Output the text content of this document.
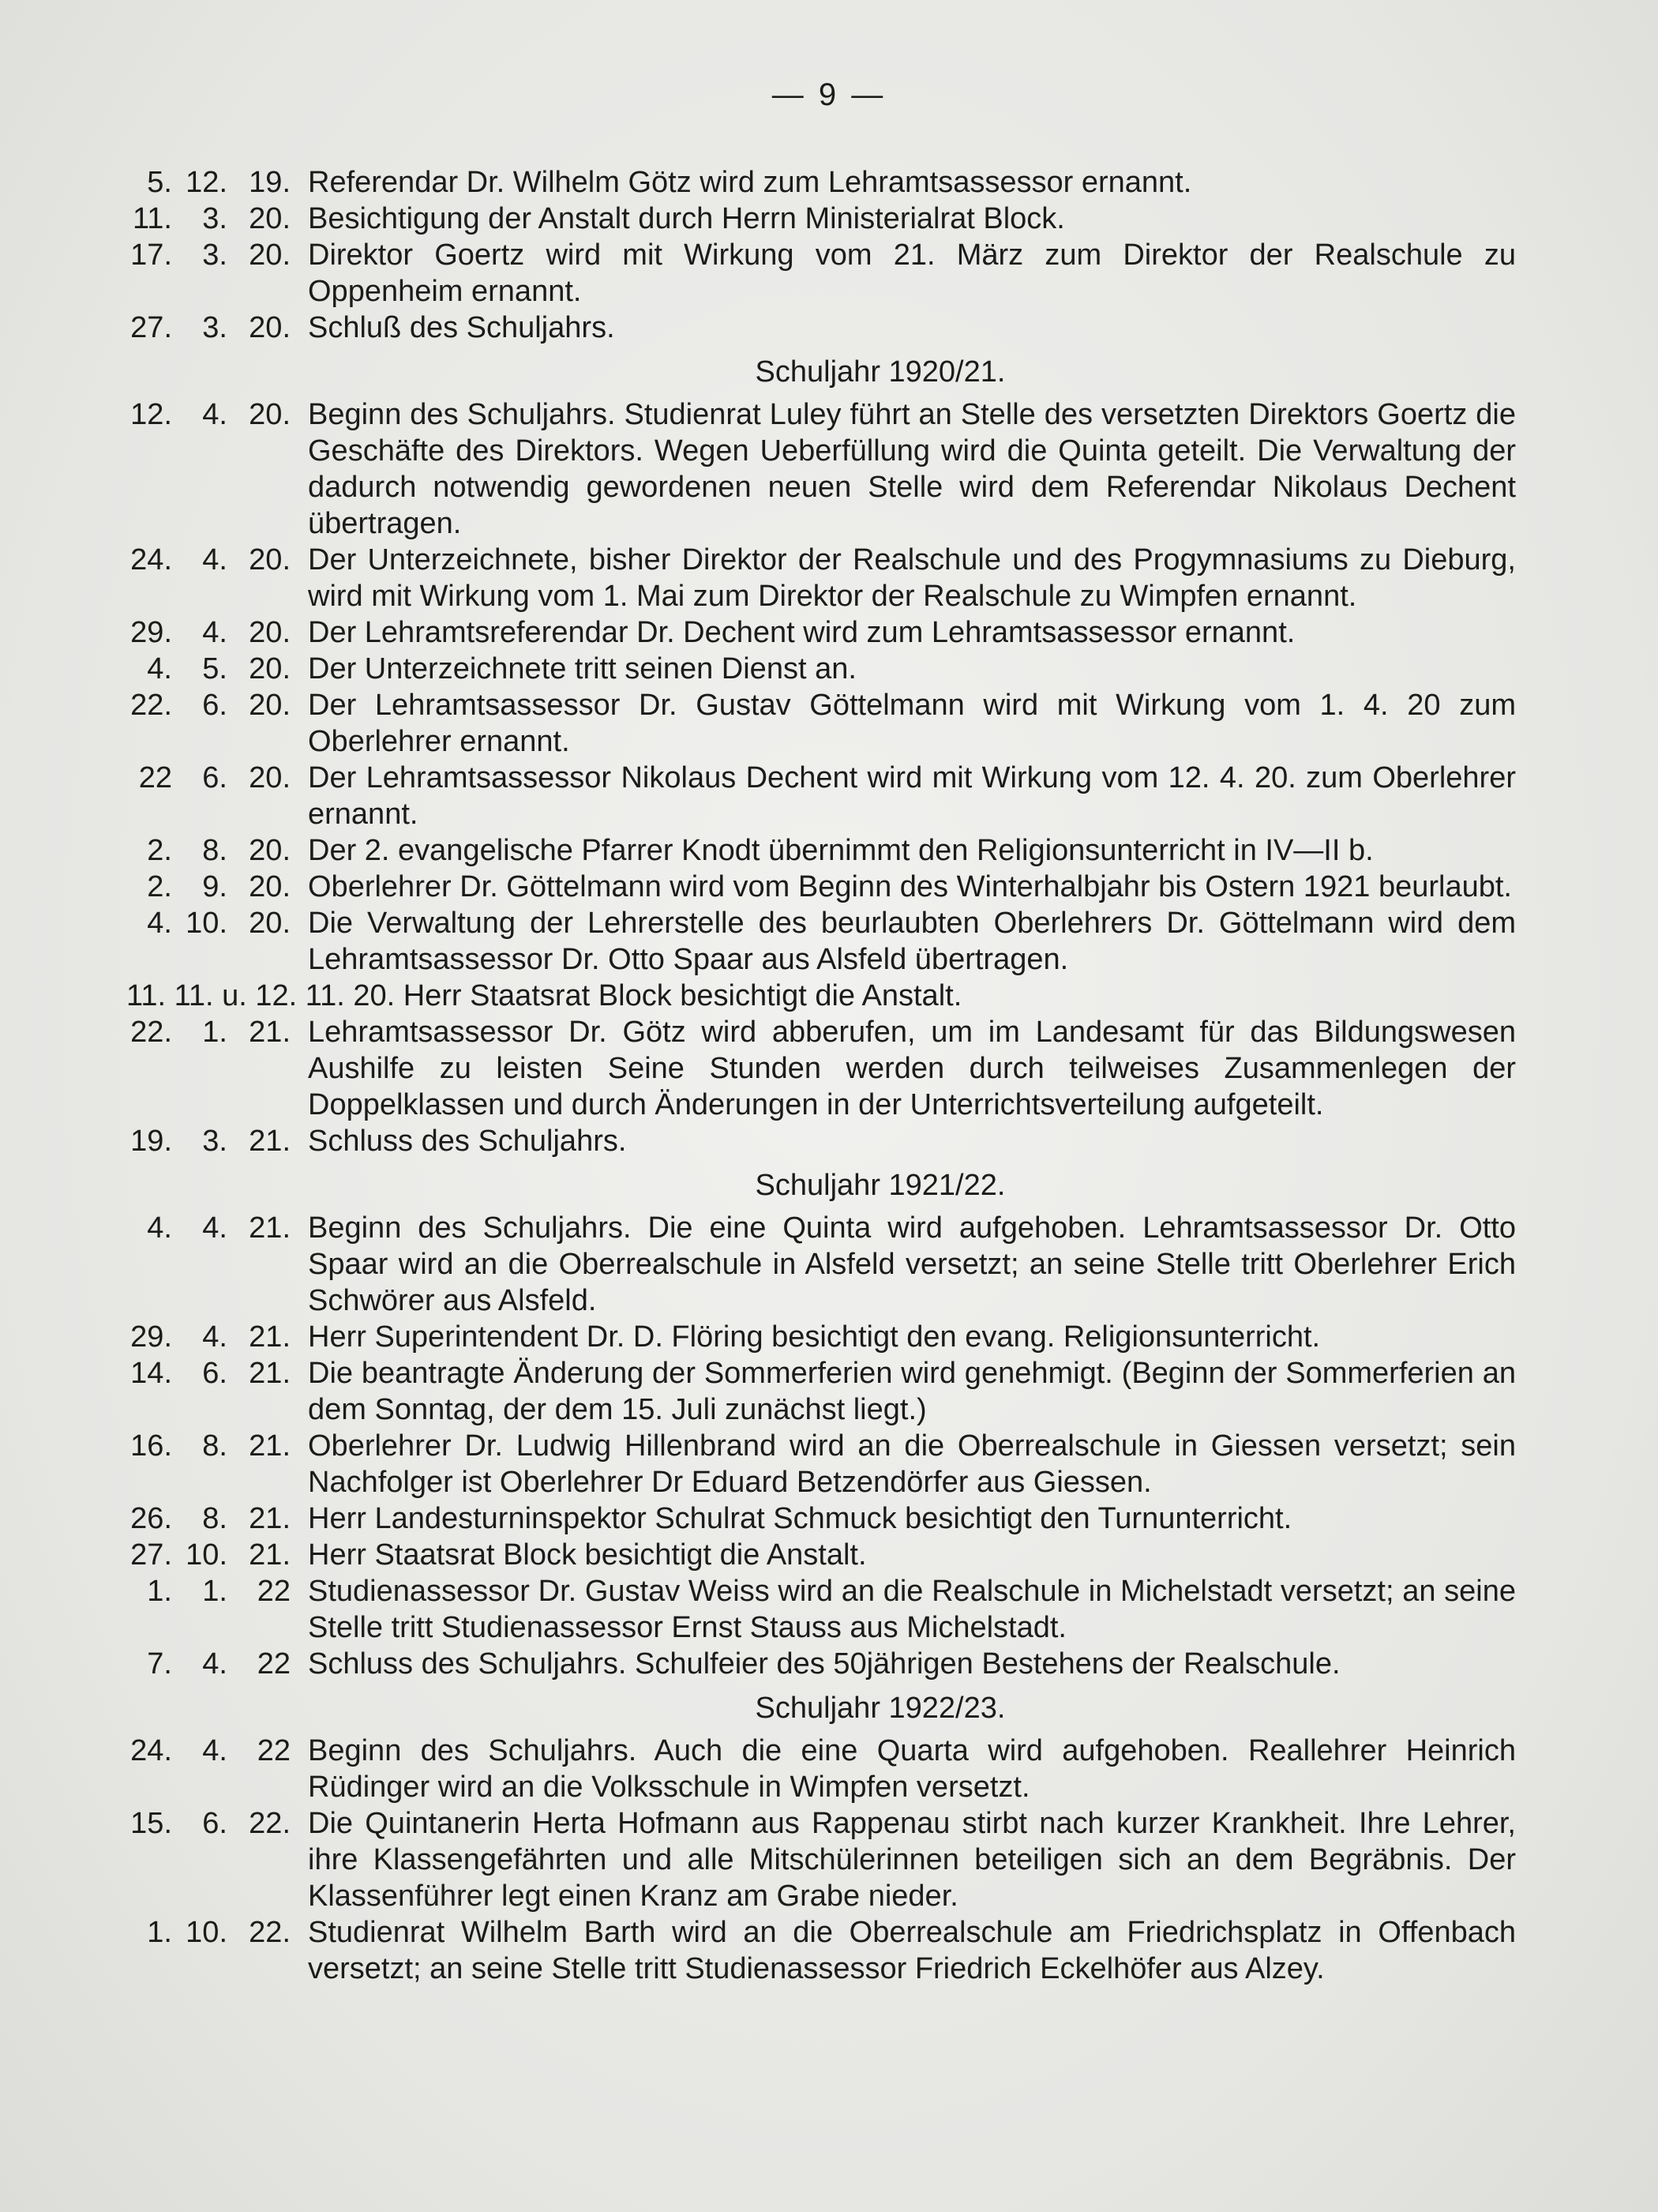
— 9 —
5. 12. 19. Referendar Dr. Wilhelm Götz wird zum Lehramtsassessor ernannt.
11.	3. 20. Besichtigung der Anstalt durch Herrn Ministerialrat Block.
17.	3. 20. Direktor Goertz wird mit Wirkung vom 21. März zum Direktor der Realschule zu Oppenheim ernannt.
27.	3. 20. Schluß des Schuljahrs.
Schuljahr 1920/21.
12.	4. 20. Beginn des Schuljahrs. Studienrat Luley führt an Stelle des versetzten Direktors Goertz die Geschäfte des Direktors. Wegen Ueberfüllung wird die Quinta geteilt. Die Verwaltung der dadurch notwendig gewordenen neuen Stelle wird dem Referendar Nikolaus Dechent übertragen.
24.	4. 20. Der Unterzeichnete, bisher Direktor der Realschule und des Progymnasiums zu Dieburg, wird mit Wirkung vom 1. Mai zum Direktor der Realschule zu Wimpfen ernannt.
29.	4. 20. Der Lehramtsreferendar Dr. Dechent wird zum Lehramtsassessor ernannt.
4.	5. 20. Der Unterzeichnete tritt seinen Dienst an.
22.	6. 20. Der Lehramtsassessor Dr. Gustav Göttelmann wird mit Wirkung vom 1. 4. 20 zum Oberlehrer ernannt.
22	6. 20. Der Lehramtsassessor Nikolaus Dechent wird mit Wirkung vom 12. 4. 20. zum Oberlehrer ernannt.
2.	8. 20. Der 2. evangelische Pfarrer Knodt übernimmt den Religionsunterricht in IV—II b.
2.	9. 20. Oberlehrer Dr. Göttelmann wird vom Beginn des Winterhalbjahr bis Ostern 1921 beurlaubt.
4. 10. 20. Die Verwaltung der Lehrerstelle des beurlaubten Oberlehrers Dr. Göttelmann wird dem Lehramtsassessor Dr. Otto Spaar aus Alsfeld übertragen.
11. 11. u. 12. 11. 20. Herr Staatsrat Block besichtigt die Anstalt.
22.	1. 21. Lehramtsassessor Dr. Götz wird abberufen, um im Landesamt für das Bildungswesen Aushilfe zu leisten Seine Stunden werden durch teilweises Zusammenlegen der Doppelklassen und durch Änderungen in der Unterrichtsverteilung aufgeteilt.
19.	3. 21. Schluss des Schuljahrs.
Schuljahr 1921/22.
4.	4. 21. Beginn des Schuljahrs. Die eine Quinta wird aufgehoben. Lehramtsassessor Dr. Otto Spaar wird an die Oberrealschule in Alsfeld versetzt; an seine Stelle tritt Oberlehrer Erich Schwörer aus Alsfeld.
29.	4. 21. Herr Superintendent Dr. D. Flöring besichtigt den evang. Religionsunterricht.
14.	6. 21. Die beantragte Änderung der Sommerferien wird genehmigt. (Beginn der Sommerferien an dem Sonntag, der dem 15. Juli zunächst liegt.)
16.	8. 21. Oberlehrer Dr. Ludwig Hillenbrand wird an die Oberrealschule in Giessen versetzt; sein Nachfolger ist Oberlehrer Dr Eduard Betzendörfer aus Giessen.
26.	8. 21. Herr Landesturninspektor Schulrat Schmuck besichtigt den Turnunterricht.
27. 10. 21. Herr Staatsrat Block besichtigt die Anstalt.
1.	1. 22 Studienassessor Dr. Gustav Weiss wird an die Realschule in Michelstadt versetzt; an seine Stelle tritt Studienassessor Ernst Stauss aus Michelstadt.
7.	4. 22 Schluss des Schuljahrs. Schulfeier des 50jährigen Bestehens der Realschule.
Schuljahr 1922/23.
24.	4. 22 Beginn des Schuljahrs. Auch die eine Quarta wird aufgehoben. Reallehrer Heinrich Rüdinger wird an die Volksschule in Wimpfen versetzt.
15.	6. 22. Die Quintanerin Herta Hofmann aus Rappenau stirbt nach kurzer Krankheit. Ihre Lehrer, ihre Klassengefährten und alle Mitschülerinnen beteiligen sich an dem Begräbnis. Der Klassenführer legt einen Kranz am Grabe nieder.
1. 10. 22. Studienrat Wilhelm Barth wird an die Oberrealschule am Friedrichsplatz in Offenbach versetzt; an seine Stelle tritt Studienassessor Friedrich Eckelhöfer aus Alzey.
